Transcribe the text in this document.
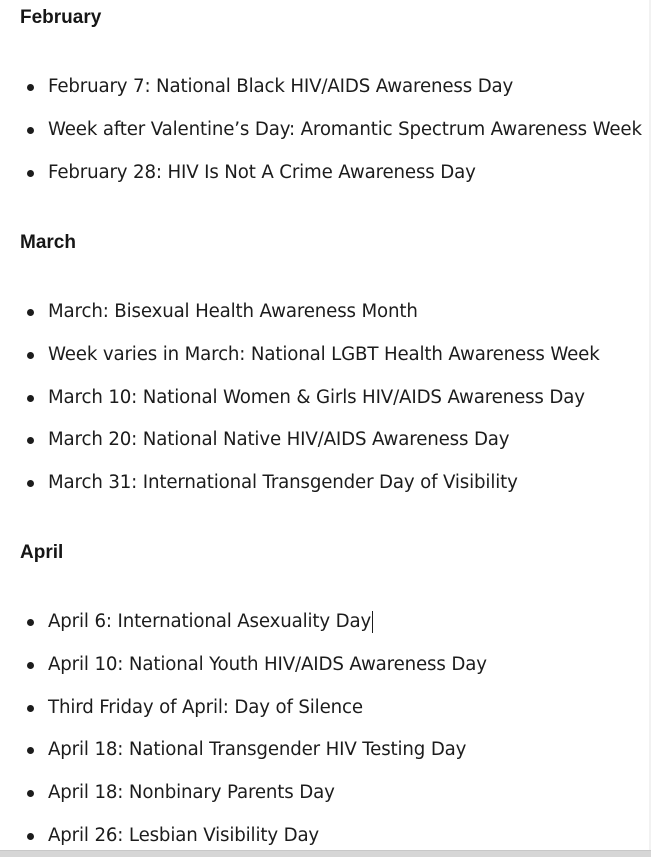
February
February 7: National Black HIV/AIDS Awareness Day
Week after Valentine’s Day: Aromantic Spectrum Awareness Week
February 28: HIV Is Not A Crime Awareness Day
March
March: Bisexual Health Awareness Month
Week varies in March: National LGBT Health Awareness Week
March 10: National Women & Girls HIV/AIDS Awareness Day
March 20: National Native HIV/AIDS Awareness Day
March 31: International Transgender Day of Visibility
April
April 6: International Asexuality Day
April 10: National Youth HIV/AIDS Awareness Day
Third Friday of April: Day of Silence
April 18: National Transgender HIV Testing Day
April 18: Nonbinary Parents Day
April 26: Lesbian Visibility Day
